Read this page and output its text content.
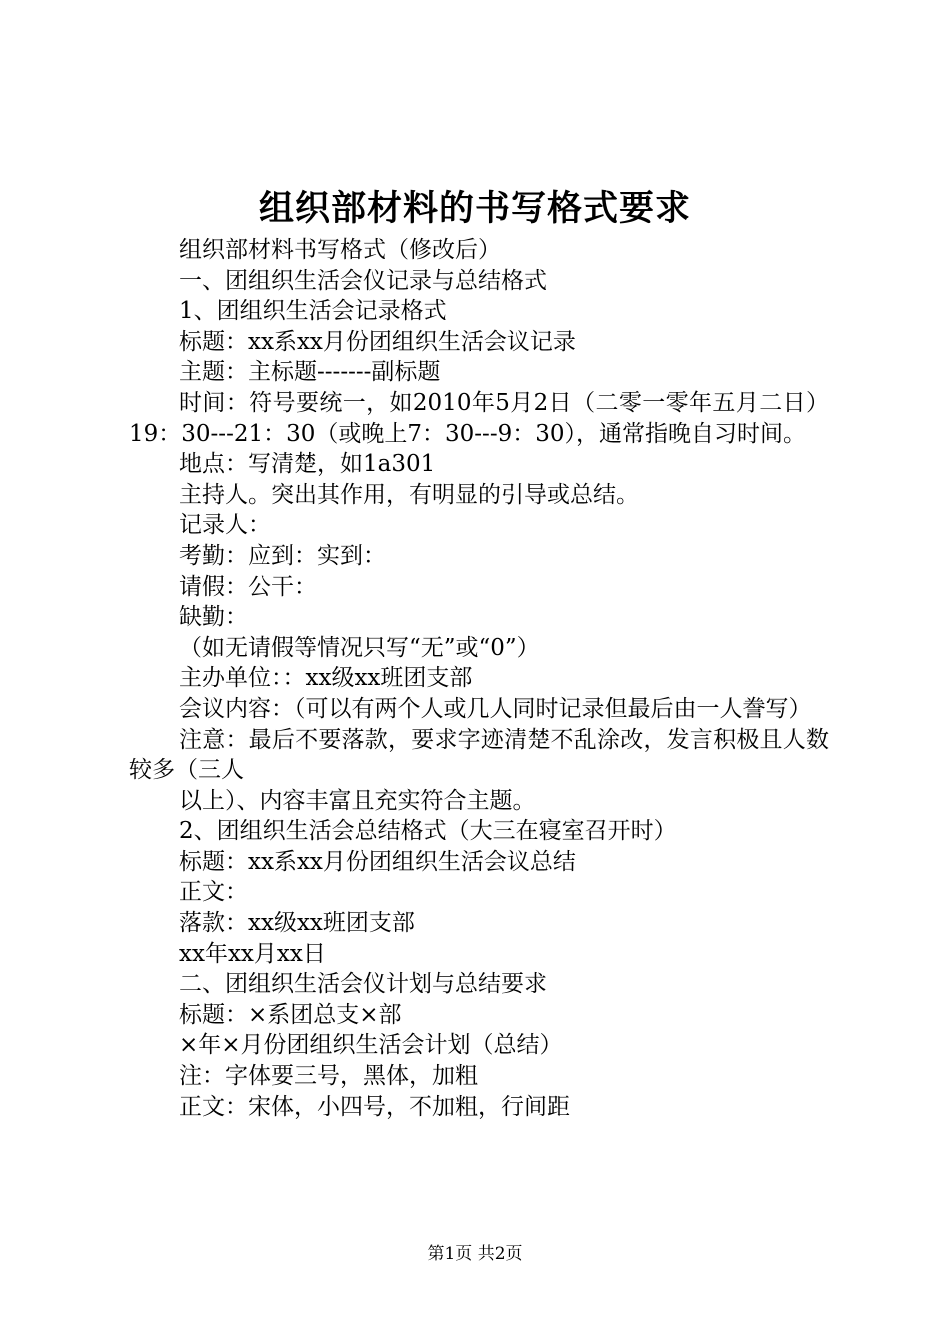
组织部材料的书写格式要求

组织部材料书写格式（修改后）

一、团组织生活会仪记录与总结格式

1、团组织生活会记录格式

标题：xx系xx月份团组织生活会议记录

主题：主标题-------副标题

时间：符号要统一，如2010年5月2日（二零一零年五月二日）19：30---21：30（或晚上7：30---9：30），通常指晚自习时间。

地点：写清楚，如1a301

主持人。突出其作用，有明显的引导或总结。

记录人：

考勤：应到：实到：

请假：公干：

缺勤：

（如无请假等情况只写“无”或“0”）

主办单位：：xx级xx班团支部

会议内容：（可以有两个人或几人同时记录但最后由一人誊写）

注意：最后不要落款，要求字迹清楚不乱涂改，发言积极且人数较多（三人

以上）、内容丰富且充实符合主题。

2、团组织生活会总结格式（大三在寝室召开时）

标题：xx系xx月份团组织生活会议总结

正文：

落款：xx级xx班团支部

xx年xx月xx日

二、团组织生活会仪计划与总结要求

标题：×系团总支×部

×年×月份团组织生活会计划（总结）

注：字体要三号，黑体，加粗

正文：宋体，小四号，不加粗，行间距

第1页 共2页
